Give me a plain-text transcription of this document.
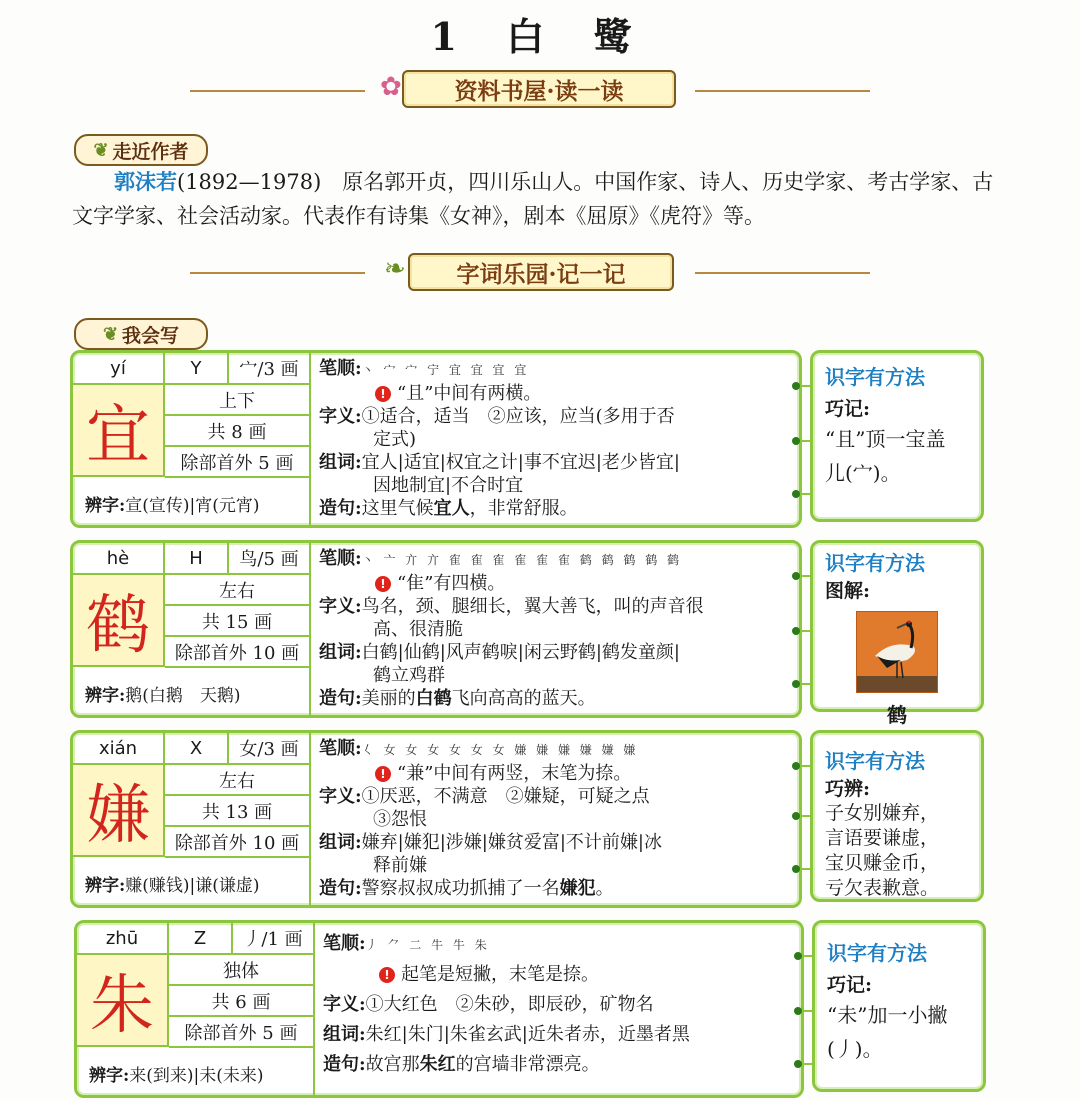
1 白 鹭
✿	资料书屋·读一读
❦ 走近作者
郭沫若(1892—1978)　原名郭开贞，四川乐山人。中国作家、诗人、历史学家、考古学家、古
文字学家、社会活动家。代表作有诗集《女神》，剧本《屈原》《虎符》等。
❧	字词乐园·记一记
❦ 我会写
yí	Y	宀/3 画
宜	上下
共 8 画
除部首外 5 画
辨字: 宣(宣传)|宵(元宵)
笔顺:丶 宀 宀 宁 宜 宜 宜 宜
! “且”中间有两横。
字义:①适合，适当　②应该，应当(多用于否
定式)
组词:宜人|适宜|权宜之计|事不宜迟|老少皆宜|
因地制宜|不合时宜
造句:这里气候宜人，非常舒服。
识字有方法
巧记:
“且”顶一宝盖
儿(宀)。
hè	H	鸟/5 画
鹤	左右
共 15 画
除部首外 10 画
辨字: 鹅(白鹅　天鹅)
笔顺:丶 亠 亣 亣 隺 隺 隺 隺 隺 隺 鹤 鹤 鹤 鹤 鹤
! “隹”有四横。
字义:鸟名，颈、腿细长，翼大善飞，叫的声音很
高、很清脆
组词:白鹤|仙鹤|风声鹤唳|闲云野鹤|鹤发童颜|
鹤立鸡群
造句:美丽的白鹤飞向高高的蓝天。
识字有方法
图解:
鹤
xián	X	女/3 画
嫌	左右
共 13 画
除部首外 10 画
辨字: 赚(赚钱)|谦(谦虚)
笔顺:𡿨 女 女 女 女 女 女 嫌 嫌 嫌 嫌 嫌 嫌
! “兼”中间有两竖，末笔为捺。
字义:①厌恶，不满意　②嫌疑，可疑之点
③怨恨
组词:嫌弃|嫌犯|涉嫌|嫌贫爱富|不计前嫌|冰
释前嫌
造句:警察叔叔成功抓捕了一名嫌犯。
识字有方法
巧辨:
子女别嫌弃，
言语要谦虚，
宝贝赚金币，
亏欠表歉意。
zhū	Z	丿/1 画
朱	独体
共 6 画
除部首外 5 画
辨字: 来(到来)|未(未来)
笔顺:丿 ⺈ 二 牛 牛 朱
! 起笔是短撇，末笔是捺。
字义:①大红色　②朱砂，即辰砂，矿物名
组词:朱红|朱门|朱雀玄武|近朱者赤，近墨者黑
造句:故宫那朱红的宫墙非常漂亮。
识字有方法
巧记:
“未”加一小撇
(丿)。
